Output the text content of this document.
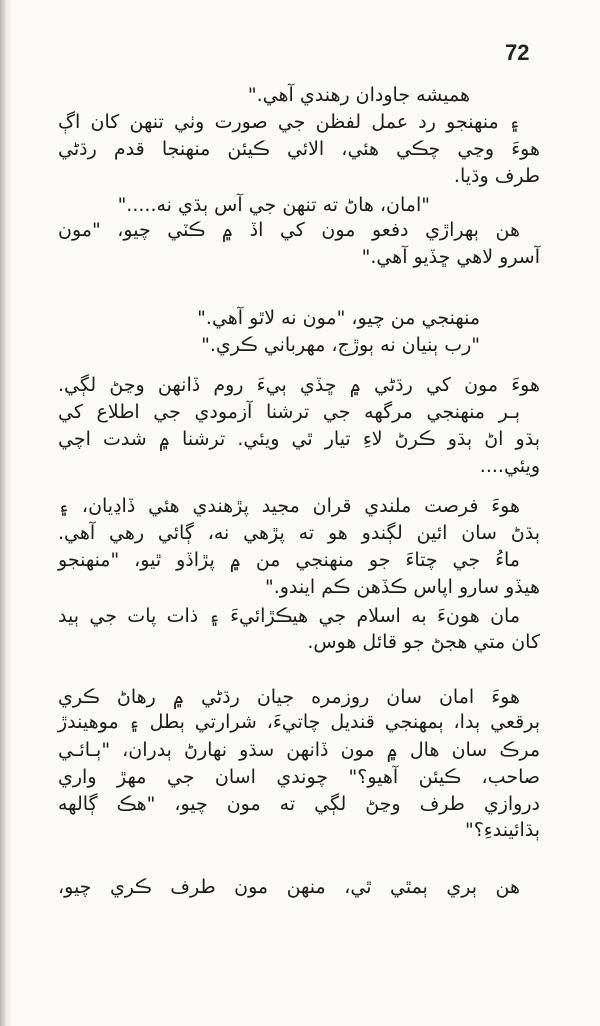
72
هميشه جاودان رهندي آهي."
۽ منهنجو رد عمل لفظن جي صورت وٺي تنهن کان اڳ
هوءَ وڃي چڪي هئي، الائي ڪيئن منهنجا قدم رڌڻي
طرف وڌيا.
"امان، هاڻ ته تنهن جي آس ٻڌي نه....."
هن ٻهراڙي دفعو مون کي اڏ ۾ ڪٽي چيو، "مون
آسرو لاهي ڇڏيو آهي."
منهنجي من چيو، "مون نه لاٿو آهي."
"رب ٻنيان نه ٻوڙج، مهرباني ڪري."
هوءَ مون کي رڌڻي ۾ ڇڏي ٻيءَ روم ڏانهن وڃڻ لڳي.
ٻـر منهنجي مرگهه جي ترشنا آزمودي جي اطلاع کي
ٻڌو اڻ ٻڌو ڪرڻ لاءِ تيار ٿي ويئي. ترشنا ۾ شدت اچي
ويئي....
هوءَ فرصت ملندي قران مجيد پڙهندي هئي ڏاڍيان، ۽
ٻڌڻ سان ائين لڳندو هو ته پڙهي نه، ڳائي رهي آهي.
ماءُ جي چتاءَ جو منهنجي من ۾ پڙاڏو ٿيو، "منهنجو
هيڏو سارو اپاس ڪڏهن ڪم ايندو."
مان هونءَ به اسلام جي هيڪڙائيءَ ۽ ذات پات جي ٻيد
کان متي هجڻ جو قائل هوس.
هوءَ امان سان روزمره جيان رڌڻي ۾ رهاڻ ڪري
ٻرقعي ٻدا، ٻمهنجي قنديل چاتيءَ، شرارتي ٻطل ۽ موهيندڙ
مرڪ سان هال ۾ مون ڏانهن سڌو نهارڻ ٻدران، "ٻـائـي
صاحب، ڪيئن آهيو؟" چوندي اسان جي مهڙ واري
دروازي طرف وڃڻ لڳي ته مون چيو، "هڪ ڳالهه
ٻڌائيندءِ؟"
هن ٻري ٻمٿي ٿي، منهن مون طرف ڪري چيو،
